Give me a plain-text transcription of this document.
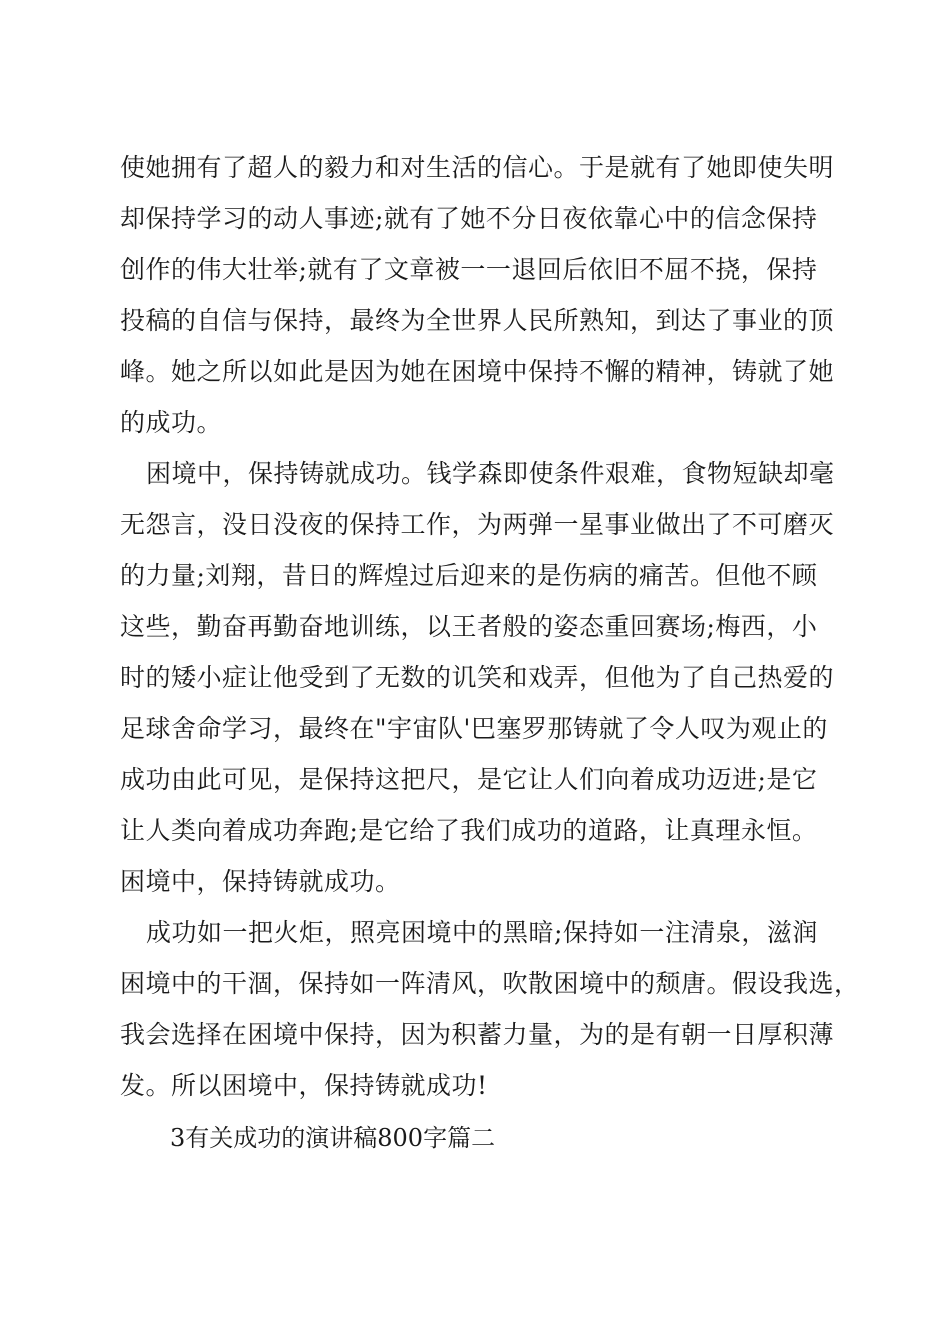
使她拥有了超人的毅力和对生活的信心。于是就有了她即使失明
却保持学习的动人事迹;就有了她不分日夜依靠心中的信念保持
创作的伟大壮举;就有了文章被一一退回后依旧不屈不挠，保持
投稿的自信与保持，最终为全世界人民所熟知，到达了事业的顶
峰。她之所以如此是因为她在困境中保持不懈的精神，铸就了她
的成功。
困境中，保持铸就成功。钱学森即使条件艰难，食物短缺却毫
无怨言，没日没夜的保持工作，为两弹一星事业做出了不可磨灭
的力量;刘翔，昔日的辉煌过后迎来的是伤病的痛苦。但他不顾
这些，勤奋再勤奋地训练，以王者般的姿态重回赛场;梅西，小
时的矮小症让他受到了无数的讥笑和戏弄，但他为了自己热爱的
足球舍命学习，最终在"宇宙队'巴塞罗那铸就了令人叹为观止的
成功由此可见，是保持这把尺，是它让人们向着成功迈进;是它
让人类向着成功奔跑;是它给了我们成功的道路，让真理永恒。
困境中，保持铸就成功。
成功如一把火炬，照亮困境中的黑暗;保持如一注清泉，滋润
困境中的干涸，保持如一阵清风，吹散困境中的颓唐。假设我选，
我会选择在困境中保持，因为积蓄力量，为的是有朝一日厚积薄
发。所以困境中，保持铸就成功!
3有关成功的演讲稿800字篇二
